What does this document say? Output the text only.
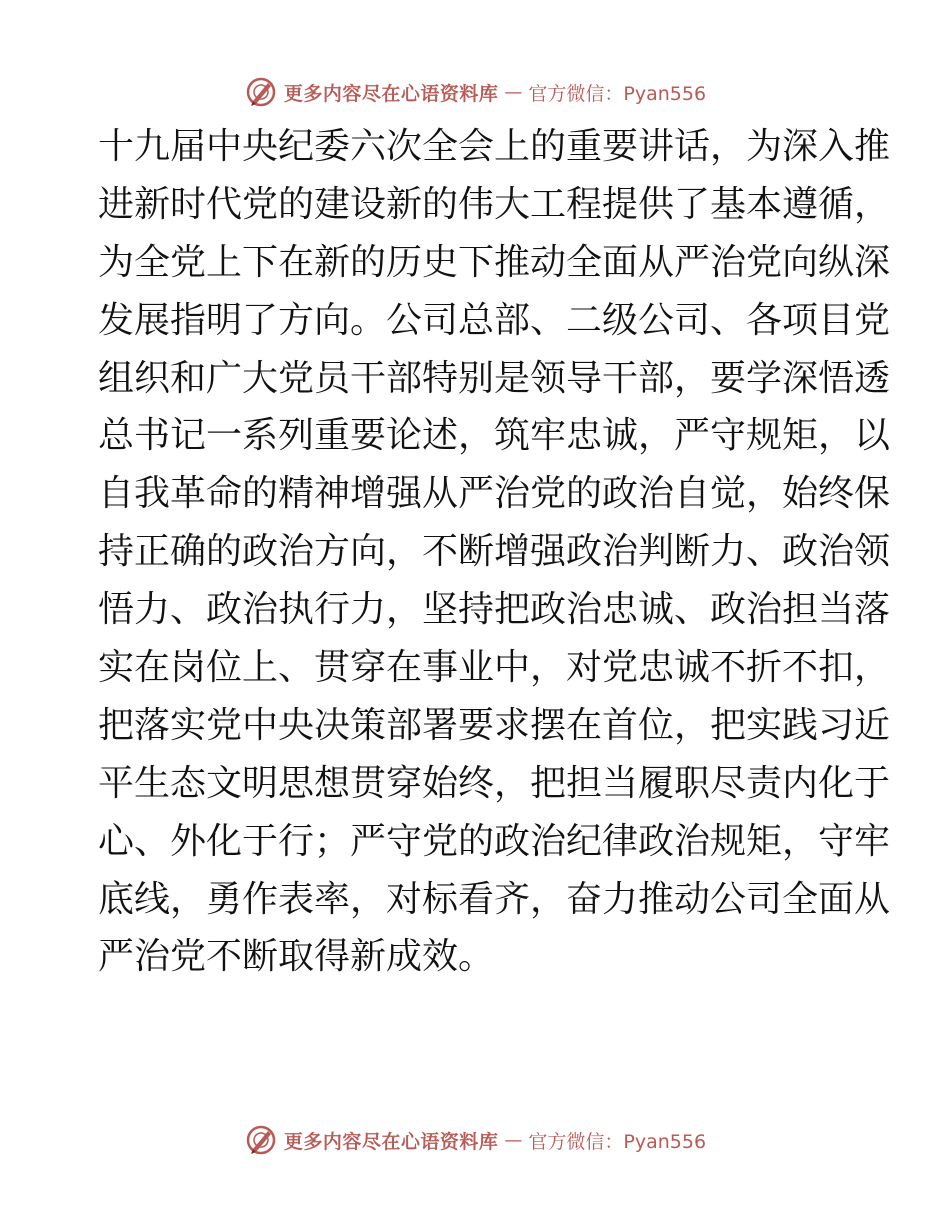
更多内容尽在心语资料库 — 官方微信：Pyan556
十九届中央纪委六次全会上的重要讲话，为深入推
进新时代党的建设新的伟大工程提供了基本遵循，
为全党上下在新的历史下推动全面从严治党向纵深
发展指明了方向。公司总部、二级公司、各项目党
组织和广大党员干部特别是领导干部，要学深悟透
总书记一系列重要论述，筑牢忠诚，严守规矩，以
自我革命的精神增强从严治党的政治自觉，始终保
持正确的政治方向，不断增强政治判断力、政治领
悟力、政治执行力，坚持把政治忠诚、政治担当落
实在岗位上、贯穿在事业中，对党忠诚不折不扣，
把落实党中央决策部署要求摆在首位，把实践习近
平生态文明思想贯穿始终，把担当履职尽责内化于
心、外化于行；严守党的政治纪律政治规矩，守牢
底线，勇作表率，对标看齐，奋力推动公司全面从
严治党不断取得新成效。
更多内容尽在心语资料库 — 官方微信：Pyan556
